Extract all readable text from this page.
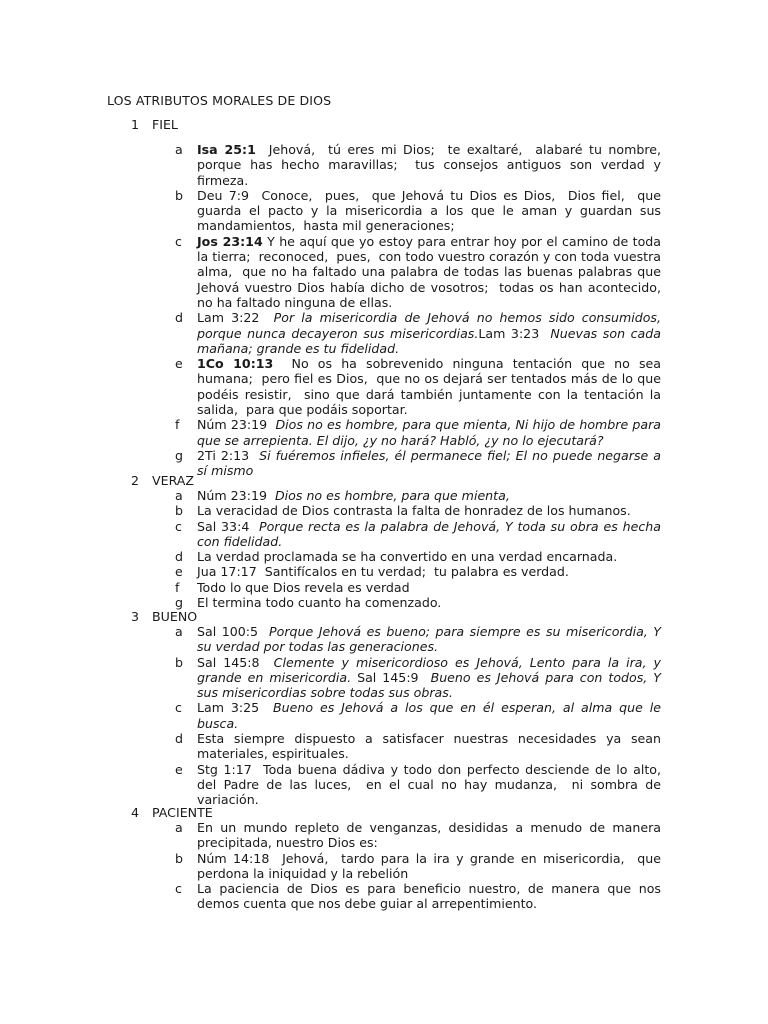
LOS ATRIBUTOS MORALES DE DIOS
1 FIEL
a Isa 25:1  Jehová,  tú eres mi Dios;  te exaltaré,  alabaré tu nombre, porque has hecho maravillas;  tus consejos antiguos son verdad y firmeza.
b Deu 7:9  Conoce,  pues,  que Jehová tu Dios es Dios,  Dios fiel,  que guarda el pacto y la misericordia a los que le aman y guardan sus mandamientos,  hasta mil generaciones;
c Jos 23:14 Y he aquí que yo estoy para entrar hoy por el camino de toda la tierra;  reconoced,  pues,  con todo vuestro corazón y con toda vuestra alma,  que no ha faltado una palabra de todas las buenas palabras que Jehová vuestro Dios había dicho de vosotros;  todas os han acontecido, no ha faltado ninguna de ellas.
d Lam 3:22 Por la misericordia de Jehová no hemos sido consumidos, porque nunca decayeron sus misericordias.Lam 3:23  Nuevas son cada mañana; grande es tu fidelidad.
e 1Co 10:13  No os ha sobrevenido ninguna tentación que no sea humana;  pero fiel es Dios,  que no os dejará ser tentados más de lo que podéis resistir,  sino que dará también juntamente con la tentación la salida,  para que podáis soportar.
f Núm 23:19 Dios no es hombre, para que mienta, Ni hijo de hombre para que se arrepienta. El dijo, ¿y no hará? Habló, ¿y no lo ejecutará?
g 2Ti 2:13 Si fuéremos infieles, él permanece fiel; El no puede negarse a sí mismo
2 VERAZ
a Núm 23:19 Dios no es hombre, para que mienta,
b La veracidad de Dios contrasta la falta de honradez de los humanos.
c Sal 33:4 Porque recta es la palabra de Jehová, Y toda su obra es hecha con fidelidad.
d La verdad proclamada se ha convertido en una verdad encarnada.
e Jua 17:17  Santifícalos en tu verdad;  tu palabra es verdad.
f Todo lo que Dios revela es verdad
g El termina todo cuanto ha comenzado.
3 BUENO
a Sal 100:5 Porque Jehová es bueno; para siempre es su misericordia, Y su verdad por todas las generaciones.
b Sal 145:8 Clemente y misericordioso es Jehová, Lento para la ira, y grande en misericordia. Sal 145:9  Bueno es Jehová para con todos, Y sus misericordias sobre todas sus obras.
c Lam 3:25 Bueno es Jehová a los que en él esperan, al alma que le busca.
d Esta siempre dispuesto a satisfacer nuestras necesidades ya sean materiales, espirituales.
e Stg 1:17  Toda buena dádiva y todo don perfecto desciende de lo alto, del Padre de las luces,  en el cual no hay mudanza,  ni sombra de variación.
4 PACIENTE
a En un mundo repleto de venganzas, desididas a menudo de manera precipitada, nuestro Dios es:
b Núm 14:18  Jehová,  tardo para la ira y grande en misericordia,  que perdona la iniquidad y la rebelión
c La paciencia de Dios es para beneficio nuestro, de manera que nos demos cuenta que nos debe guiar al arrepentimiento.
